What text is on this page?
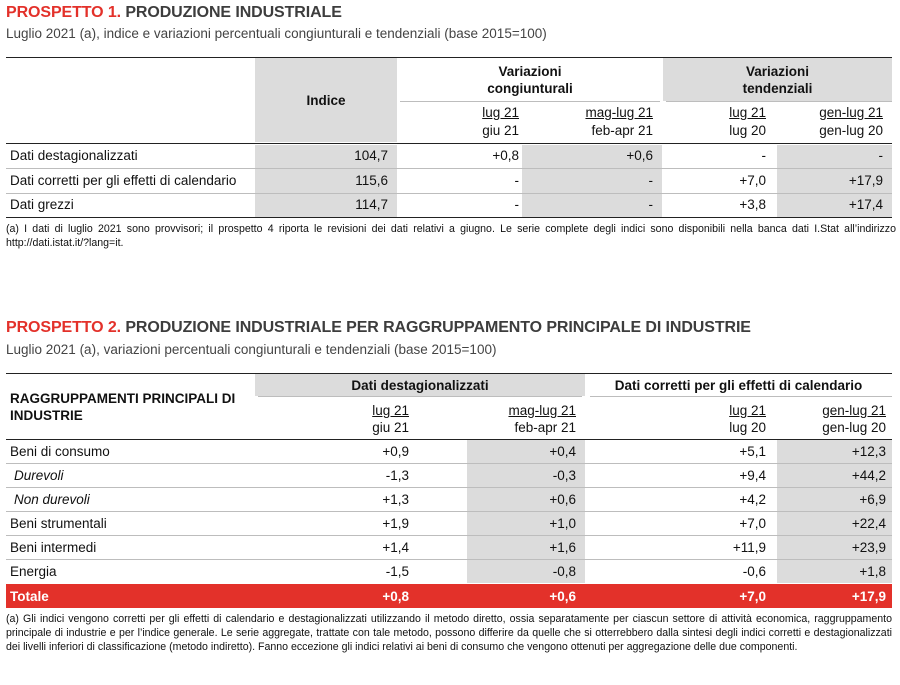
PROSPETTO 1. PRODUZIONE INDUSTRIALE
Luglio 2021 (a), indice e variazioni percentuali congiunturali e tendenziali (base 2015=100)
Indice
Variazioni
congiunturali
Variazioni
tendenziali
lug 21
giu 21
mag-lug 21
feb-apr 21
lug 21
lug 20
gen-lug 21
gen-lug 20
Dati destagionalizzati	104,7	+0,8	+0,6	-	-
Dati corretti per gli effetti di calendario	115,6	-	-	+7,0	+17,9
Dati grezzi	114,7	-	-	+3,8	+17,4
(a) I dati di luglio 2021 sono provvisori; il prospetto 4 riporta le revisioni dei dati relativi a giugno. Le serie complete degli indici sono disponibili nella banca dati I.Stat all’indirizzo
http://dati.istat.it/?lang=it.
PROSPETTO 2. PRODUZIONE INDUSTRIALE PER RAGGRUPPAMENTO PRINCIPALE DI INDUSTRIE
Luglio 2021 (a), variazioni percentuali congiunturali e tendenziali (base 2015=100)
RAGGRUPPAMENTI PRINCIPALI DI
INDUSTRIE
Dati destagionalizzati	Dati corretti per gli effetti di calendario
lug 21
giu 21
mag-lug 21
feb-apr 21
lug 21
lug 20
gen-lug 21
gen-lug 20
Beni di consumo	+0,9	+0,4	+5,1	+12,3
Durevoli	-1,3	-0,3	+9,4	+44,2
Non durevoli	+1,3	+0,6	+4,2	+6,9
Beni strumentali	+1,9	+1,0	+7,0	+22,4
Beni intermedi	+1,4	+1,6	+11,9	+23,9
Energia	-1,5	-0,8	-0,6	+1,8
Totale	+0,8	+0,6	+7,0	+17,9
(a) Gli indici vengono corretti per gli effetti di calendario e destagionalizzati utilizzando il metodo diretto, ossia separatamente per ciascun settore di attività economica, raggruppamento
principale di industrie e per l’indice generale. Le serie aggregate, trattate con tale metodo, possono differire da quelle che si otterrebbero dalla sintesi degli indici corretti e destagionalizzati
dei livelli inferiori di classificazione (metodo indiretto). Fanno eccezione gli indici relativi ai beni di consumo che vengono ottenuti per aggregazione delle due componenti.
